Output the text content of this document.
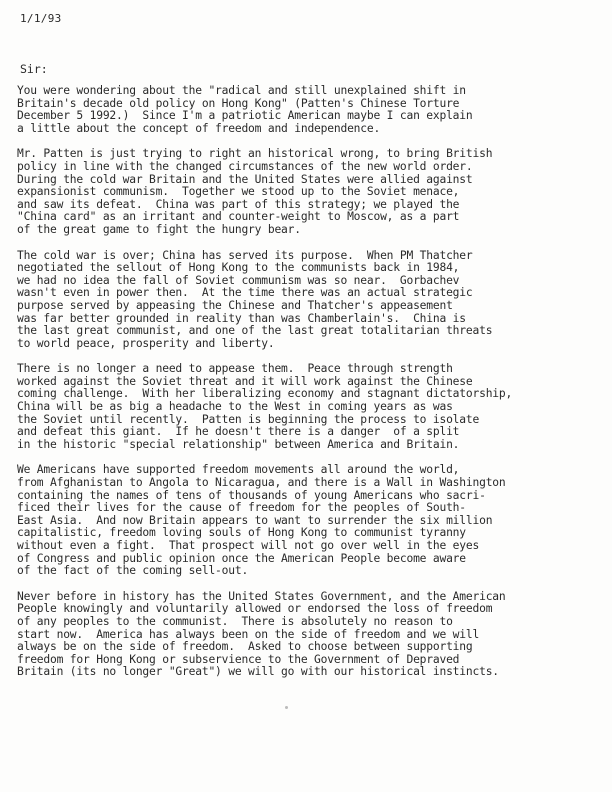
1/1/93
Sir:

You were wondering about the "radical and still unexplained shift in
Britain's decade old policy on Hong Kong" (Patten's Chinese Torture
December 5 1992.)  Since I'm a patriotic American maybe I can explain
a little about the concept of freedom and independence.

Mr. Patten is just trying to right an historical wrong, to bring British
policy in line with the changed circumstances of the new world order.
During the cold war Britain and the United States were allied against
expansionist communism.  Together we stood up to the Soviet menace,
and saw its defeat.  China was part of this strategy; we played the
"China card" as an irritant and counter-weight to Moscow, as a part
of the great game to fight the hungry bear.

The cold war is over; China has served its purpose.  When PM Thatcher
negotiated the sellout of Hong Kong to the communists back in 1984,
we had no idea the fall of Soviet communism was so near.  Gorbachev
wasn't even in power then.  At the time there was an actual strategic
purpose served by appeasing the Chinese and Thatcher's appeasement
was far better grounded in reality than was Chamberlain's.  China is
the last great communist, and one of the last great totalitarian threats
to world peace, prosperity and liberty.

There is no longer a need to appease them.  Peace through strength
worked against the Soviet threat and it will work against the Chinese
coming challenge.  With her liberalizing economy and stagnant dictatorship,
China will be as big a headache to the West in coming years as was
the Soviet until recently.  Patten is beginning the process to isolate
and defeat this giant.  If he doesn't there is a danger  of a split
in the historic "special relationship" between America and Britain.

We Americans have supported freedom movements all around the world,
from Afghanistan to Angola to Nicaragua, and there is a Wall in Washington
containing the names of tens of thousands of young Americans who sacri-
ficed their lives for the cause of freedom for the peoples of South-
East Asia.  And now Britain appears to want to surrender the six million
capitalistic, freedom loving souls of Hong Kong to communist tyranny
without even a fight.  That prospect will not go over well in the eyes
of Congress and public opinion once the American People become aware
of the fact of the coming sell-out.

Never before in history has the United States Government, and the American
People knowingly and voluntarily allowed or endorsed the loss of freedom
of any peoples to the communist.  There is absolutely no reason to
start now.  America has always been on the side of freedom and we will
always be on the side of freedom.  Asked to choose between supporting
freedom for Hong Kong or subservience to the Government of Depraved
Britain (its no longer "Great") we will go with our historical instincts.
